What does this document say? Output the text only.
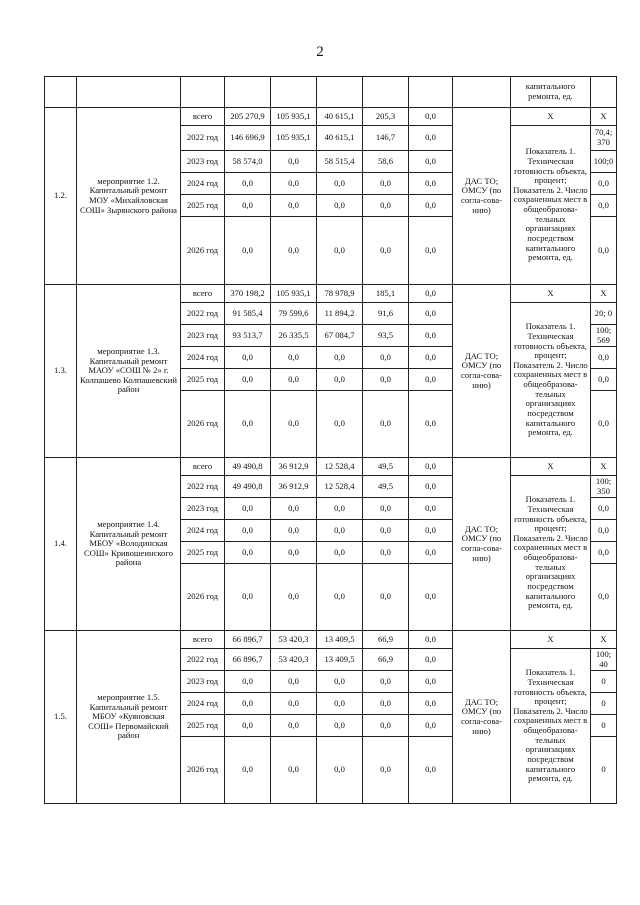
2
									капитального ремонта, ед.	
1.2.	мероприятие 1.2. Капитальный ремонт МОУ «Михайловская СОШ» Зырянского района	всего	205 270,9	105 935,1	40 615,1	205,3	0,0	ДАС ТО; ОМСУ (по согла-сова-нию)	X	X
		2022 год	146 696,9	105 935,1	40 615,1	146,7	0,0		Показатель 1. Техническая готовность объекта, процент; Показатель 2. Число сохраненных мест в общеобразова-тельных организациях посредством капитального ремонта, ед.	70,4; 370
		2023 год	58 574,0	0,0	58 515,4	58,6	0,0			100;0
		2024 год	0,0	0,0	0,0	0,0	0,0			0,0
		2025 год	0,0	0,0	0,0	0,0	0,0			0,0
		2026 год	0,0	0,0	0,0	0,0	0,0			0,0
1.3.	мероприятие 1.3. Капитальный ремонт МАОУ «СОШ № 2» г. Колпашево Колпашевский район	всего	370 198,2	105 935,1	78 978,9	185,1	0,0	ДАС ТО; ОМСУ (по согла-сова-нию)	X	X
		2022 год	91 585,4	79 599,6	11 894,2	91,6	0,0		Показатель 1. Техническая готовность объекта, процент; Показатель 2. Число сохраненных мест в общеобразова-тельных организациях посредством капитального ремонта, ед.	20; 0
		2023 год	93 513,7	26 335,5	67 084,7	93,5	0,0			100; 569
		2024 год	0,0	0,0	0,0	0,0	0,0			0,0
		2025 год	0,0	0,0	0,0	0,0	0,0			0,0
		2026 год	0,0	0,0	0,0	0,0	0,0			0,0
1.4.	мероприятие 1.4. Капитальный ремонт МБОУ «Володинская СОШ» Кривошеинского района	всего	49 490,8	36 912,9	12 528,4	49,5	0,0	ДАС ТО; ОМСУ (по согла-сова-нию)	X	X
		2022 год	49 490,8	36 912,9	12 528,4	49,5	0,0		Показатель 1. Техническая готовность объекта, процент; Показатель 2. Число сохраненных мест в общеобразова-тельных организациях посредством капитального ремонта, ед.	100; 350
		2023 год	0,0	0,0	0,0	0,0	0,0			0,0
		2024 год	0,0	0,0	0,0	0,0	0,0			0,0
		2025 год	0,0	0,0	0,0	0,0	0,0			0,0
		2026 год	0,0	0,0	0,0	0,0	0,0			0,0
1.5.	мероприятие 1.5. Капитальный ремонт МБОУ «Куяновская СОШ» Первомайский район	всего	66 896,7	53 420,3	13 409,5	66,9	0,0	ДАС ТО; ОМСУ (по согла-сова-нию)	X	X
		2022 год	66 896,7	53 420,3	13 409,5	66,9	0,0		Показатель 1. Техническая готовность объекта, процент; Показатель 2. Число сохраненных мест в общеобразова-тельных организациях посредством капитального ремонта, ед.	100; 40
		2023 год	0,0	0,0	0,0	0,0	0,0			0
		2024 год	0,0	0,0	0,0	0,0	0,0			0
		2025 год	0,0	0,0	0,0	0,0	0,0			0
		2026 год	0,0	0,0	0,0	0,0	0,0			0
